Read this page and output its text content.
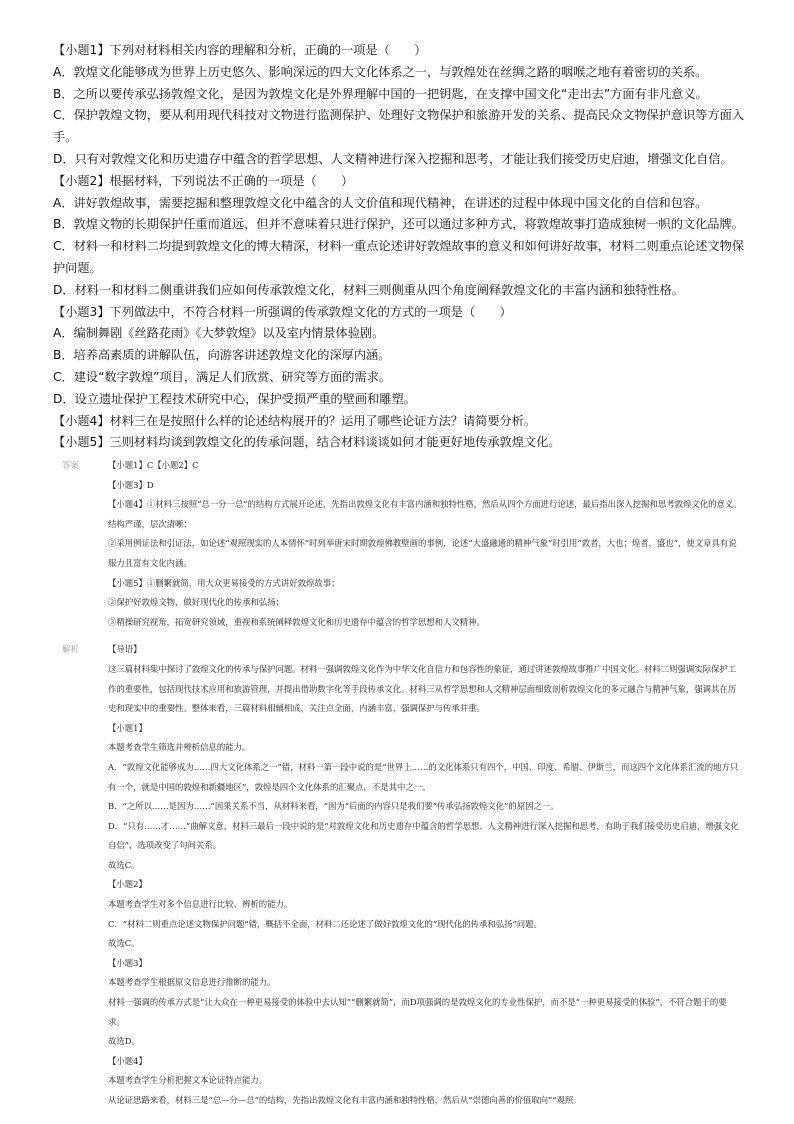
【小题1】下列对材料相关内容的理解和分析，正确的一项是（　　）

A．敦煌文化能够成为世界上历史悠久、影响深远的四大文化体系之一，与敦煌处在丝绸之路的咽喉之地有着密切的关系。

B．之所以要传承弘扬敦煌文化，是因为敦煌文化是外界理解中国的一把钥匙，在支撑中国文化“走出去”方面有非凡意义。

C．保护敦煌文物，要从利用现代科技对文物进行监测保护、处理好文物保护和旅游开发的关系、提高民众文物保护意识等方面入手。

D．只有对敦煌文化和历史遗存中蕴含的哲学思想、人文精神进行深入挖掘和思考，才能让我们接受历史启迪，增强文化自信。

【小题2】根据材料，下列说法不正确的一项是（　　）

A．讲好敦煌故事，需要挖掘和整理敦煌文化中蕴含的人文价值和现代精神，在讲述的过程中体现中国文化的自信和包容。

B．敦煌文物的长期保护任重而道远，但并不意味着只进行保护，还可以通过多种方式，将敦煌故事打造成独树一帜的文化品牌。

C．材料一和材料二均提到敦煌文化的博大精深，材料一重点论述讲好敦煌故事的意义和如何讲好故事，材料二则重点论述文物保护问题。

D．材料一和材料二侧重讲我们应如何传承敦煌文化，材料三则侧重从四个角度阐释敦煌文化的丰富内涵和独特性格。

【小题3】下列做法中，不符合材料一所强调的传承敦煌文化的方式的一项是（　　）

A．编制舞剧《丝路花雨》《大梦敦煌》以及室内情景体验剧。

B．培养高素质的讲解队伍，向游客讲述敦煌文化的深厚内涵。

C．建设“数字敦煌”项目，满足人们欣赏、研究等方面的需求。

D．设立遗址保护工程技术研究中心，保护受损严重的壁画和雕塑。

【小题4】材料三在是按照什么样的论述结构展开的？运用了哪些论证方法？请简要分析。

【小题5】三则材料均谈到敦煌文化的传承问题，结合材料谈谈如何才能更好地传承敦煌文化。

答案	【小题1】C【小题2】C

【小题3】D

【小题4】①材料三按照“总一分一总”的结构方式展开论述，先指出敦煌文化有丰富内涵和独特性格，然后从四个方面进行论述，最后指出深入挖掘和思考敦煌文化的意义。结构严谨，层次清晰；

②采用例证法和引证法，如论述“观照现实的人本情怀”时列举唐宋时期敦煌佛教壁画的事例，论述“大盛融通的精神气象”时引用“敦者，大也；煌者，盛也”，使文章具有说服力且富有文化内涵。

【小题5】①删繁就简，用大众更易接受的方式讲好敦煌故事；

②保护好敦煌文物，做好现代化的传承和弘扬；

③精操研究视角，拓宽研究领域，重视和系统阐释敦煌文化和历史遗存中蕴含的哲学思想和人文精神。

解析	【导语】

这三篇材料集中探讨了敦煌文化的传承与保护问题。材料一强调敦煌文化作为中华文化自信力和包容性的象征，通过讲述敦煌故事推广中国文化。材料二则强调实际保护工作的重要性，包括现代技术应用和旅游管理，并提出借助数字化等手段传承文化。材料三从哲学思想和人文精神层面细致剖析敦煌文化的多元融合与精神气象，强调其在历史和现实中的重要性。整体来看，三篇材料相辅相成，关注点全面，内涵丰富，强调保护与传承并重。

【小题1】

本题考查学生筛选并辨析信息的能力。

A．“敦煌文化能够成为……四大文化体系之一”错，材料一第一段中说的是“世界上……的文化体系只有四个，中国、印度、希腊、伊斯兰，而这四个文化体系汇流的地方只有一个，就是中国的敦煌和新疆地区”，敦煌是四个文化体系的汇聚点，不是其中之一。

B．“之所以……是因为……”因果关系不当，从材料来看，“因为”后面的内容只是我们要“传承弘扬敦煌文化”的原因之一。

D．“只有……才……”曲解文意，材料三最后一段中说的是“对敦煌文化和历史遗存中蕴含的哲学思想、人文精神进行深入挖掘和思考，有助于我们接受历史启迪，增强文化自信”，选项改变了句间关系。

故选C。

【小题2】

本题考查学生对多个信息进行比较、辨析的能力。

C．“材料二则重点论述文物保护问题”错，概括不全面，材料二还论述了做好敦煌文化的“现代化的传承和弘扬”问题。

故选C。

【小题3】

本题考查学生根据原文信息进行推断的能力。

材料一强调的传承方式是“让大众在一种更易接受的体验中去认知”“删繁就简”，而D项强调的是敦煌文化的专业性保护，而不是“一种更易接受的体验”，不符合题干的要求。

故选D。

【小题4】

本题考查学生分析把握文本论证特点能力。

从论证思路来看，材料三是“总—分—总”的结构，先指出敦煌文化有丰富内涵和独特性格，然后从“崇德向善的价值取向”“观照
